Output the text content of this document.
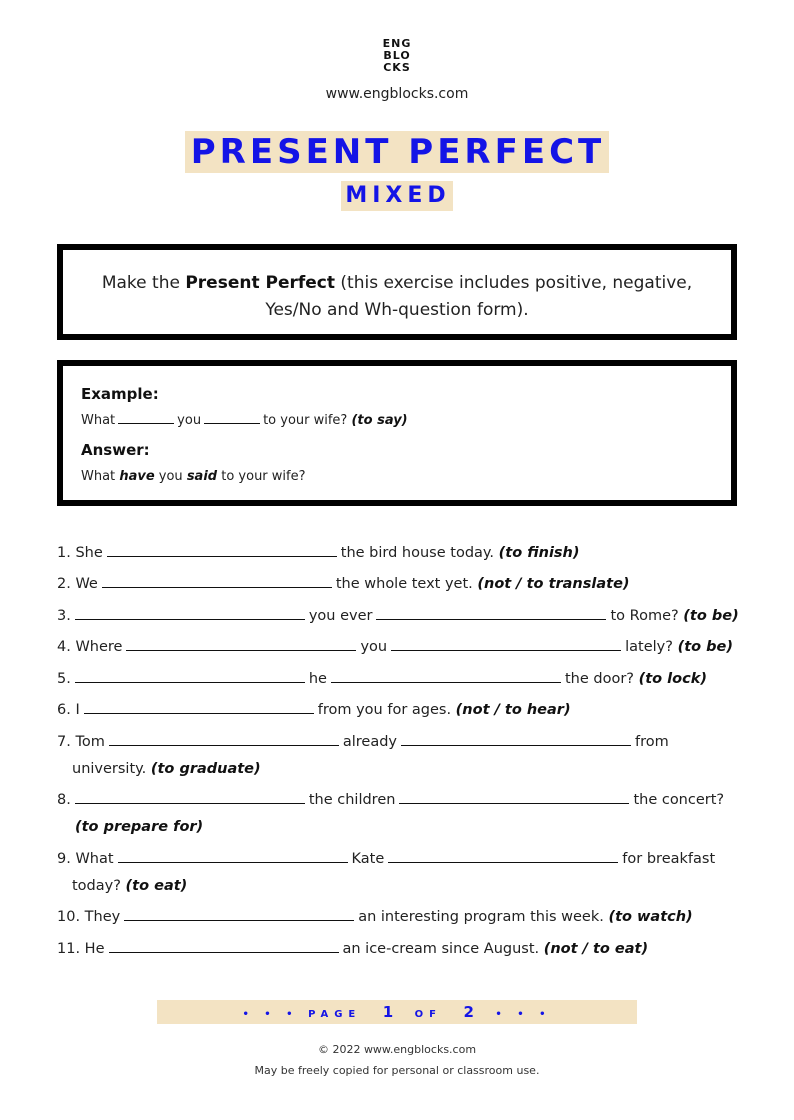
ENG
BLO
CKS
www.engblocks.com
PRESENT PERFECT
MIXED
Make the Present Perfect (this exercise includes positive, negative,
Yes/No and Wh-question form).
Example:
What	you	to your wife? (to say)
Answer:
What have you said to your wife?
1. She	the bird house today. (to finish)
2. We	the whole text yet. (not / to translate)
3.	you ever	to Rome? (to be)
4. Where	you	lately? (to be)
5.	he	the door? (to lock)
6. I	from you for ages. (not / to hear)
7. Tom	already	from
university. (to graduate)
8.	the children	the concert?
(to prepare for)
9. What	Kate	for breakfast
today? (to eat)
10. They	an interesting program this week. (to watch)
11. He	an ice-cream since August. (not / to eat)
• • • PAGE 1 OF 2 • • •
© 2022 www.engblocks.com
May be freely copied for personal or classroom use.
